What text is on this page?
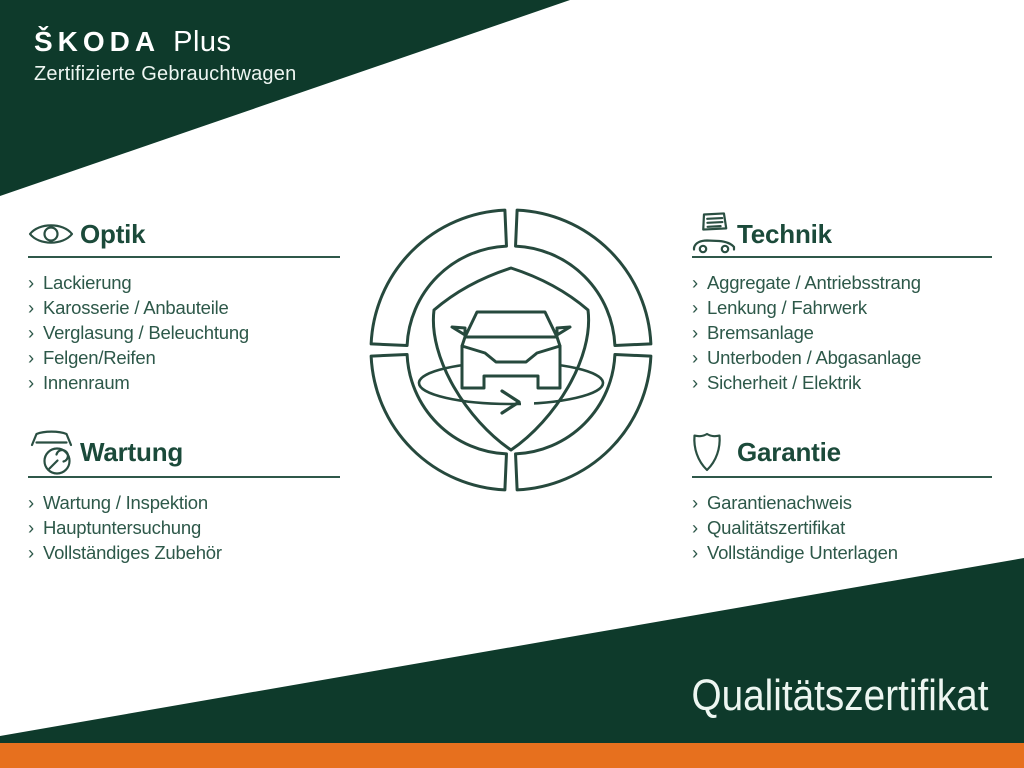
ŠKODA Plus
Zertifizierte Gebrauchtwagen
Optik
› Lackierung
› Karosserie / Anbauteile
› Verglasung / Beleuchtung
› Felgen/Reifen
› Innenraum
Technik
› Aggregate / Antriebsstrang
› Lenkung / Fahrwerk
› Bremsanlage
› Unterboden / Abgasanlage
› Sicherheit / Elektrik
Wartung
› Wartung / Inspektion
› Hauptuntersuchung
› Vollständiges Zubehör
Garantie
› Garantienachweis
› Qualitätszertifikat
› Vollständige Unterlagen
Qualitätszertifikat
